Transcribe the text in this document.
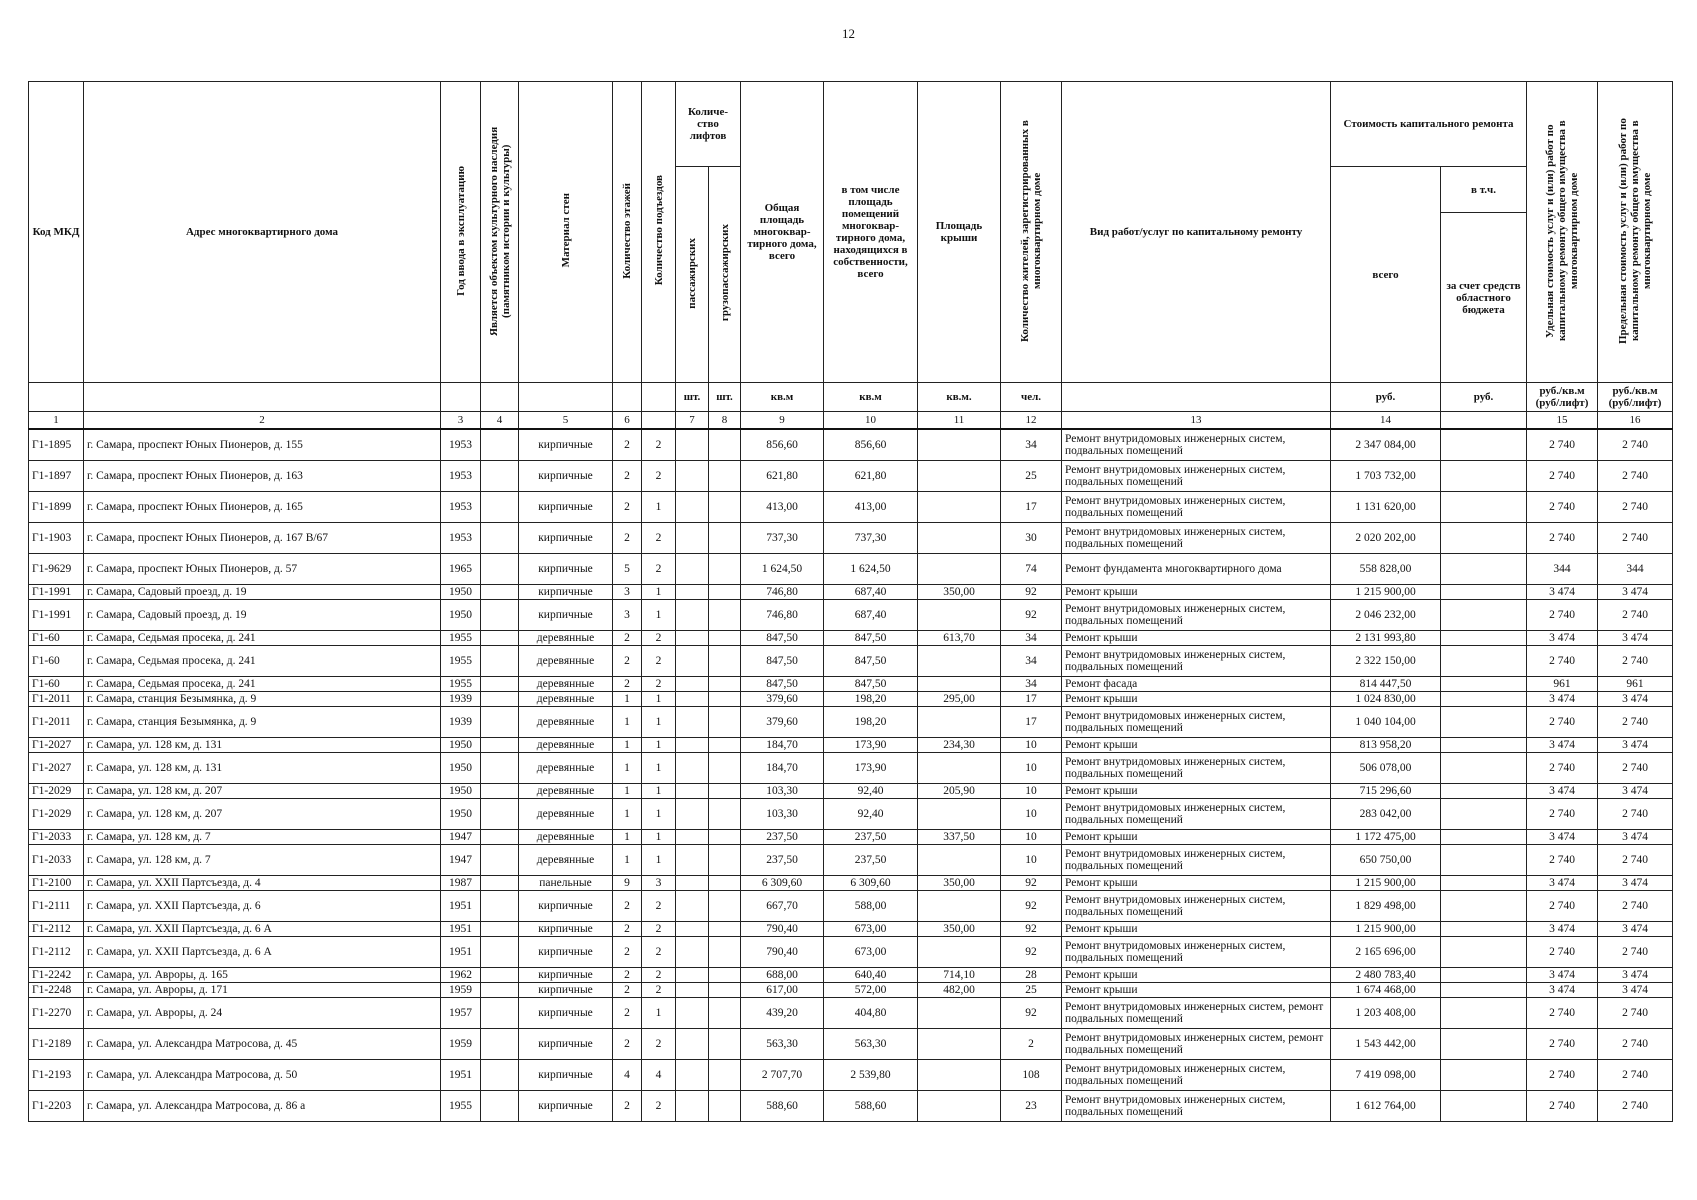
12
Код МКД	Адрес многоквартирного дома	Год ввода в эксплуатацию	Является объектом культурного наследия (памятником истории и культуры)	Материал стен	Количество этажей	Количество подъездов	Количе- ство лифтов		Общая площадь многоквар- тирного дома, всего	в том числе площадь помещений многоквар- тирного дома, находящихся в собственности, всего	Площадь крыши	Количество жителей, зарегистрированных в многоквартирном доме	Вид работ/услуг по капитальному ремонту	Стоимость капитального ремонта		Удельная стоимость услуг и (или) работ по капитальному ремонту общего имущества в многоквартирном доме	Предельная стоимость услуг и (или) работ по капитальному ремонту общего имущества в многоквартирном доме
							пассажирских	грузопассажирских						всего	в т.ч.		
															за счет средств областного бюджета		
							шт.	шт.	кв.м	кв.м	кв.м.	чел.		руб.	руб.	руб./кв.м (руб/лифт)	руб./кв.м (руб/лифт)
1	2	3	4	5	6		7	8	9	10	11	12	13	14		15	16
Г1-1895	г. Самара, проспект Юных Пионеров, д. 155	1953		кирпичные	2	2			856,60	856,60		34	Ремонт внутридомовых инженерных систем, подвальных помещений	2 347 084,00		2 740	2 740
Г1-1897	г. Самара, проспект Юных Пионеров, д. 163	1953		кирпичные	2	2			621,80	621,80		25	Ремонт внутридомовых инженерных систем, подвальных помещений	1 703 732,00		2 740	2 740
Г1-1899	г. Самара, проспект Юных Пионеров, д. 165	1953		кирпичные	2	1			413,00	413,00		17	Ремонт внутридомовых инженерных систем, подвальных помещений	1 131 620,00		2 740	2 740
Г1-1903	г. Самара, проспект Юных Пионеров, д. 167 В/67	1953		кирпичные	2	2			737,30	737,30		30	Ремонт внутридомовых инженерных систем, подвальных помещений	2 020 202,00		2 740	2 740
Г1-9629	г. Самара, проспект Юных Пионеров, д. 57	1965		кирпичные	5	2			1 624,50	1 624,50		74	Ремонт фундамента многоквартирного дома	558 828,00		344	344
Г1-1991	г. Самара, Садовый проезд, д. 19	1950		кирпичные	3	1			746,80	687,40	350,00	92	Ремонт крыши	1 215 900,00		3 474	3 474
Г1-1991	г. Самара, Садовый проезд, д. 19	1950		кирпичные	3	1			746,80	687,40		92	Ремонт внутридомовых инженерных систем, подвальных помещений	2 046 232,00		2 740	2 740
Г1-60	г. Самара, Седьмая просека, д. 241	1955		деревянные	2	2			847,50	847,50	613,70	34	Ремонт крыши	2 131 993,80		3 474	3 474
Г1-60	г. Самара, Седьмая просека, д. 241	1955		деревянные	2	2			847,50	847,50		34	Ремонт внутридомовых инженерных систем, подвальных помещений	2 322 150,00		2 740	2 740
Г1-60	г. Самара, Седьмая просека, д. 241	1955		деревянные	2	2			847,50	847,50		34	Ремонт фасада	814 447,50		961	961
Г1-2011	г. Самара, станция Безымянка, д. 9	1939		деревянные	1	1			379,60	198,20	295,00	17	Ремонт крыши	1 024 830,00		3 474	3 474
Г1-2011	г. Самара, станция Безымянка, д. 9	1939		деревянные	1	1			379,60	198,20		17	Ремонт внутридомовых инженерных систем, подвальных помещений	1 040 104,00		2 740	2 740
Г1-2027	г. Самара, ул. 128 км, д. 131	1950		деревянные	1	1			184,70	173,90	234,30	10	Ремонт крыши	813 958,20		3 474	3 474
Г1-2027	г. Самара, ул. 128 км, д. 131	1950		деревянные	1	1			184,70	173,90		10	Ремонт внутридомовых инженерных систем, подвальных помещений	506 078,00		2 740	2 740
Г1-2029	г. Самара, ул. 128 км, д. 207	1950		деревянные	1	1			103,30	92,40	205,90	10	Ремонт крыши	715 296,60		3 474	3 474
Г1-2029	г. Самара, ул. 128 км, д. 207	1950		деревянные	1	1			103,30	92,40		10	Ремонт внутридомовых инженерных систем, подвальных помещений	283 042,00		2 740	2 740
Г1-2033	г. Самара, ул. 128 км, д. 7	1947		деревянные	1	1			237,50	237,50	337,50	10	Ремонт крыши	1 172 475,00		3 474	3 474
Г1-2033	г. Самара, ул. 128 км, д. 7	1947		деревянные	1	1			237,50	237,50		10	Ремонт внутридомовых инженерных систем, подвальных помещений	650 750,00		2 740	2 740
Г1-2100	г. Самара, ул. XXII Партсъезда, д. 4	1987		панельные	9	3			6 309,60	6 309,60	350,00	92	Ремонт крыши	1 215 900,00		3 474	3 474
Г1-2111	г. Самара, ул. XXII Партсъезда, д. 6	1951		кирпичные	2	2			667,70	588,00		92	Ремонт внутридомовых инженерных систем, подвальных помещений	1 829 498,00		2 740	2 740
Г1-2112	г. Самара, ул. XXII Партсъезда, д. 6 А	1951		кирпичные	2	2			790,40	673,00	350,00	92	Ремонт крыши	1 215 900,00		3 474	3 474
Г1-2112	г. Самара, ул. XXII Партсъезда, д. 6 А	1951		кирпичные	2	2			790,40	673,00		92	Ремонт внутридомовых инженерных систем, подвальных помещений	2 165 696,00		2 740	2 740
Г1-2242	г. Самара, ул. Авроры, д. 165	1962		кирпичные	2	2			688,00	640,40	714,10	28	Ремонт крыши	2 480 783,40		3 474	3 474
Г1-2248	г. Самара, ул. Авроры, д. 171	1959		кирпичные	2	2			617,00	572,00	482,00	25	Ремонт крыши	1 674 468,00		3 474	3 474
Г1-2270	г. Самара, ул. Авроры, д. 24	1957		кирпичные	2	1			439,20	404,80		92	Ремонт внутридомовых инженерных систем, ремонт подвальных помещений	1 203 408,00		2 740	2 740
Г1-2189	г. Самара, ул. Александра Матросова, д. 45	1959		кирпичные	2	2			563,30	563,30		2	Ремонт внутридомовых инженерных систем, ремонт подвальных помещений	1 543 442,00		2 740	2 740
Г1-2193	г. Самара, ул. Александра Матросова, д. 50	1951		кирпичные	4	4			2 707,70	2 539,80		108	Ремонт внутридомовых инженерных систем, подвальных помещений	7 419 098,00		2 740	2 740
Г1-2203	г. Самара, ул. Александра Матросова, д. 86 а	1955		кирпичные	2	2			588,60	588,60		23	Ремонт внутридомовых инженерных систем, подвальных помещений	1 612 764,00		2 740	2 740
